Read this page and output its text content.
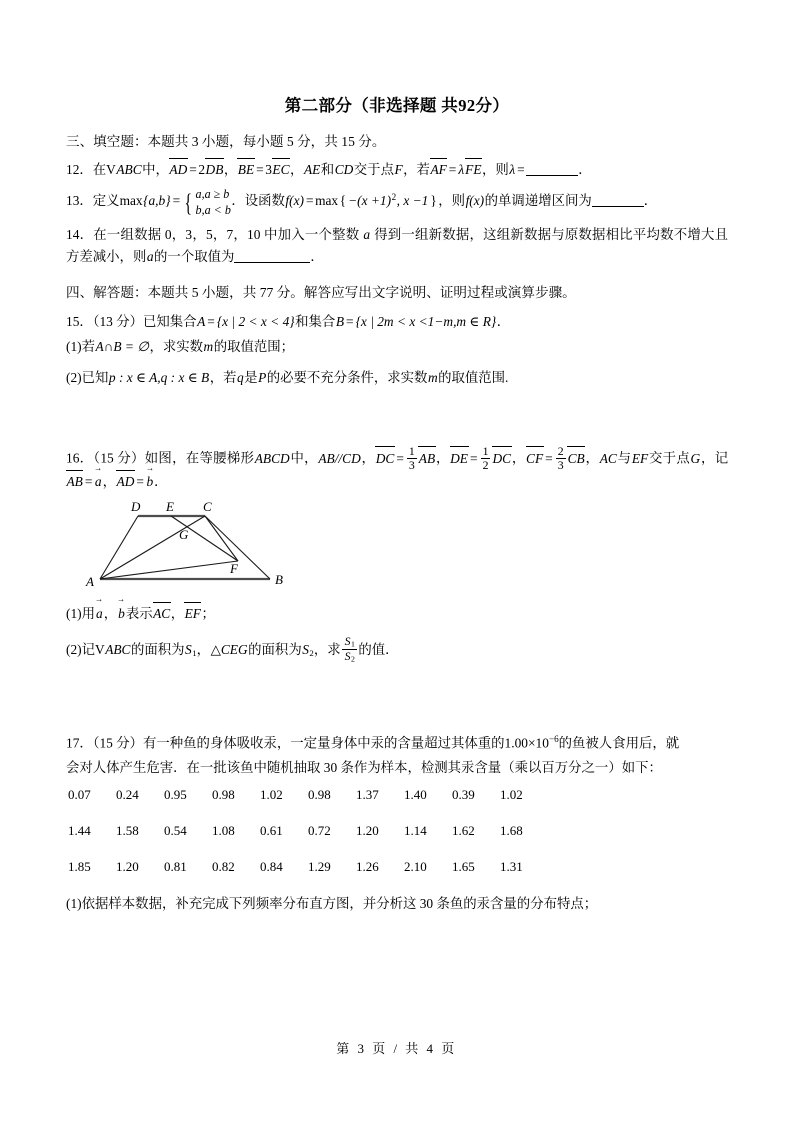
第二部分（非选择题 共92分）
三、填空题：本题共 3 小题，每小题 5 分，共 15 分。
12．在VABC中，AD = 2DB，BE = 3EC，AE和CD交于点F，若AF = λFE，则λ =	．
13．定义max{a,b} = { a,a ≥ b
b,a < b
．设函数f(x) = max { $-(x +1)^2$, x −1 } ，则f(x)的单调递增区间为	．
14．在一组数据 0，3，5，7，10 中加入一个整数 a 得到一组新数据，这组新数据与原数据相比平均数不增大且方差减小，则a的一个取值为	．
四、解答题：本题共 5 小题，共 77 分。解答应写出文字说明、证明过程或演算步骤。
15．（13 分）已知集合A = {x | 2 < x < 4}和集合B = {x | 2m < x <1−m,m ∈ R}．
(1)若A∩B = ∅，求实数m的取值范围；
(2)已知p : x ∈ A,q : x ∈ B，若q是P的必要不充分条件，求实数m的取值范围.
16．（15 分）如图，在等腰梯形ABCD中，AB//CD，DC = $\frac{1}{3}$ AB，DE = $\frac{1}{2}$ DC，CF = $\frac{2}{3}$ CB，AC与EF交于点G，记AB = → a，AD = → b．
A	B
C
D E
F
G
(1)用→ a，→ b表示AC，EF；
(2)记VABC的面积为$S_1$，△CEG的面积为$S_2$，求 $\frac{S_1}{S_2}$ 的值．
17．（15 分）有一种鱼的身体吸收汞，一定量身体中汞的含量超过其体重的$1.00\times 10^{-6}$的鱼被人食用后，就
会对人体产生危害．在一批该鱼中随机抽取 30 条作为样本，检测其汞含量（乘以百万分之一）如下：
0.07 0.24 0.95 0.98 1.02 0.98 1.37 1.40 0.39 1.02
1.44 1.58 0.54 1.08 0.61 0.72 1.20 1.14 1.62 1.68
1.85 1.20 0.81 0.82 0.84 1.29 1.26 2.10 1.65 1.31
(1)依据样本数据，补充完成下列频率分布直方图，并分析这 30 条鱼的汞含量的分布特点；
第 3 页 / 共 4 页
